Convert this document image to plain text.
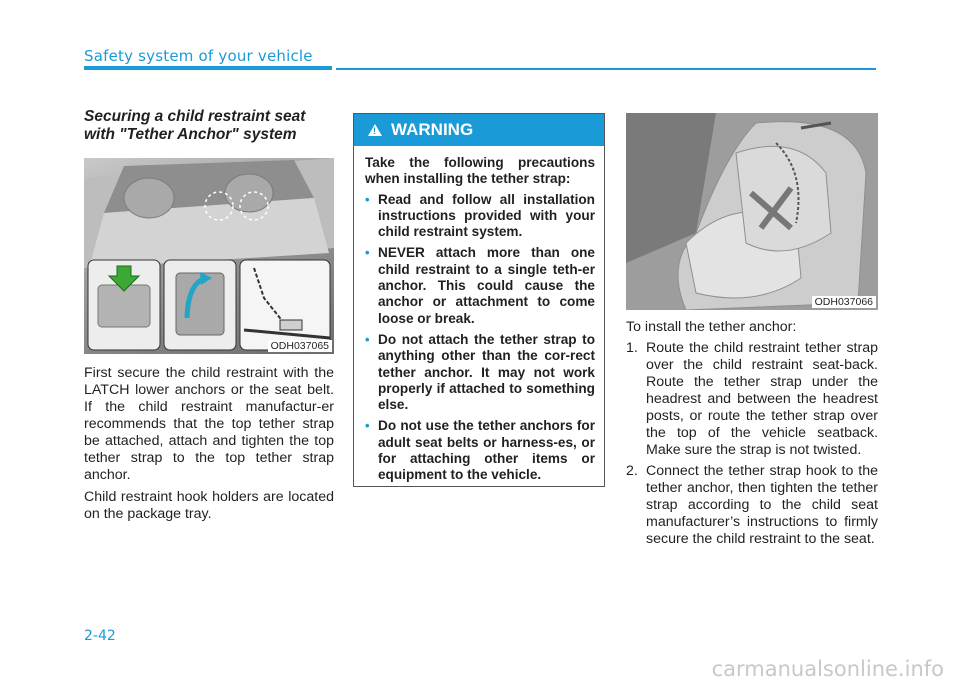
Safety system of your vehicle
Securing a child restraint seat
with "Tether Anchor" system
ODH037065

First secure the child restraint with the LATCH lower anchors or the seat belt. If the child restraint manufactur-er recommends that the top tether strap be attached, attach and tighten the top tether strap to the top tether strap anchor.

Child restraint hook holders are located on the package tray.

! WARNING

Take the following precautions when installing the tether strap:

• Read and follow all installation instructions provided with your child restraint system.
• NEVER attach more than one child restraint to a single teth-er anchor. This could cause the anchor or attachment to come loose or break.
• Do not attach the tether strap to anything other than the cor-rect tether anchor. It may not work properly if attached to something else.
• Do not use the tether anchors for adult seat belts or harness-es, or for attaching other items or equipment to the vehicle.
ODH037066

To install the tether anchor:

1. Route the child restraint tether strap over the child restraint seat-back. Route the tether strap under the headrest and between the headrest posts, or route the tether strap over the top of the vehicle seatback. Make sure the strap is not twisted.
2. Connect the tether strap hook to the tether anchor, then tighten the tether strap according to the child seat manufacturer’s instructions to firmly secure the child restraint to the seat.
2-42
carmanualsonline.info
